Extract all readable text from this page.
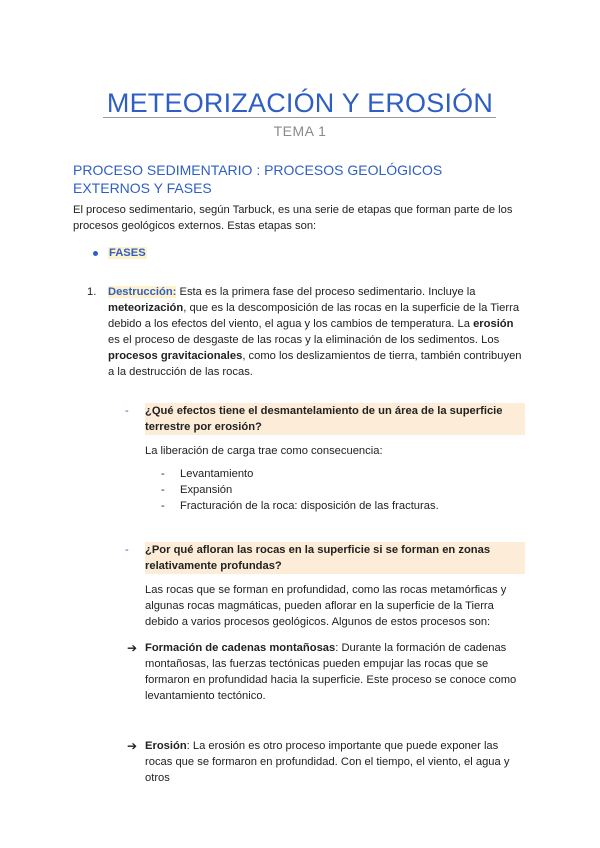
METEORIZACIÓN Y EROSIÓN
TEMA 1
PROCESO SEDIMENTARIO : PROCESOS GEOLÓGICOS EXTERNOS Y FASES
El proceso sedimentario, según Tarbuck, es una serie de etapas que forman parte de los procesos geológicos externos. Estas etapas son:
FASES
1. Destrucción: Esta es la primera fase del proceso sedimentario. Incluye la meteorización, que es la descomposición de las rocas en la superficie de la Tierra debido a los efectos del viento, el agua y los cambios de temperatura. La erosión es el proceso de desgaste de las rocas y la eliminación de los sedimentos. Los procesos gravitacionales, como los deslizamientos de tierra, también contribuyen a la destrucción de las rocas.
- ¿Qué efectos tiene el desmantelamiento de un área de la superficie terrestre por erosión?
La liberación de carga trae como consecuencia:
- Levantamiento
- Expansión
- Fracturación de la roca: disposición de las fracturas.
- ¿Por qué afloran las rocas en la superficie si se forman en zonas relativamente profundas?
Las rocas que se forman en profundidad, como las rocas metamórficas y algunas rocas magmáticas, pueden aflorar en la superficie de la Tierra debido a varios procesos geológicos. Algunos de estos procesos son:
➔ Formación de cadenas montañosas: Durante la formación de cadenas montañosas, las fuerzas tectónicas pueden empujar las rocas que se formaron en profundidad hacia la superficie. Este proceso se conoce como levantamiento tectónico.
➔ Erosión: La erosión es otro proceso importante que puede exponer las rocas que se formaron en profundidad. Con el tiempo, el viento, el agua y otros
